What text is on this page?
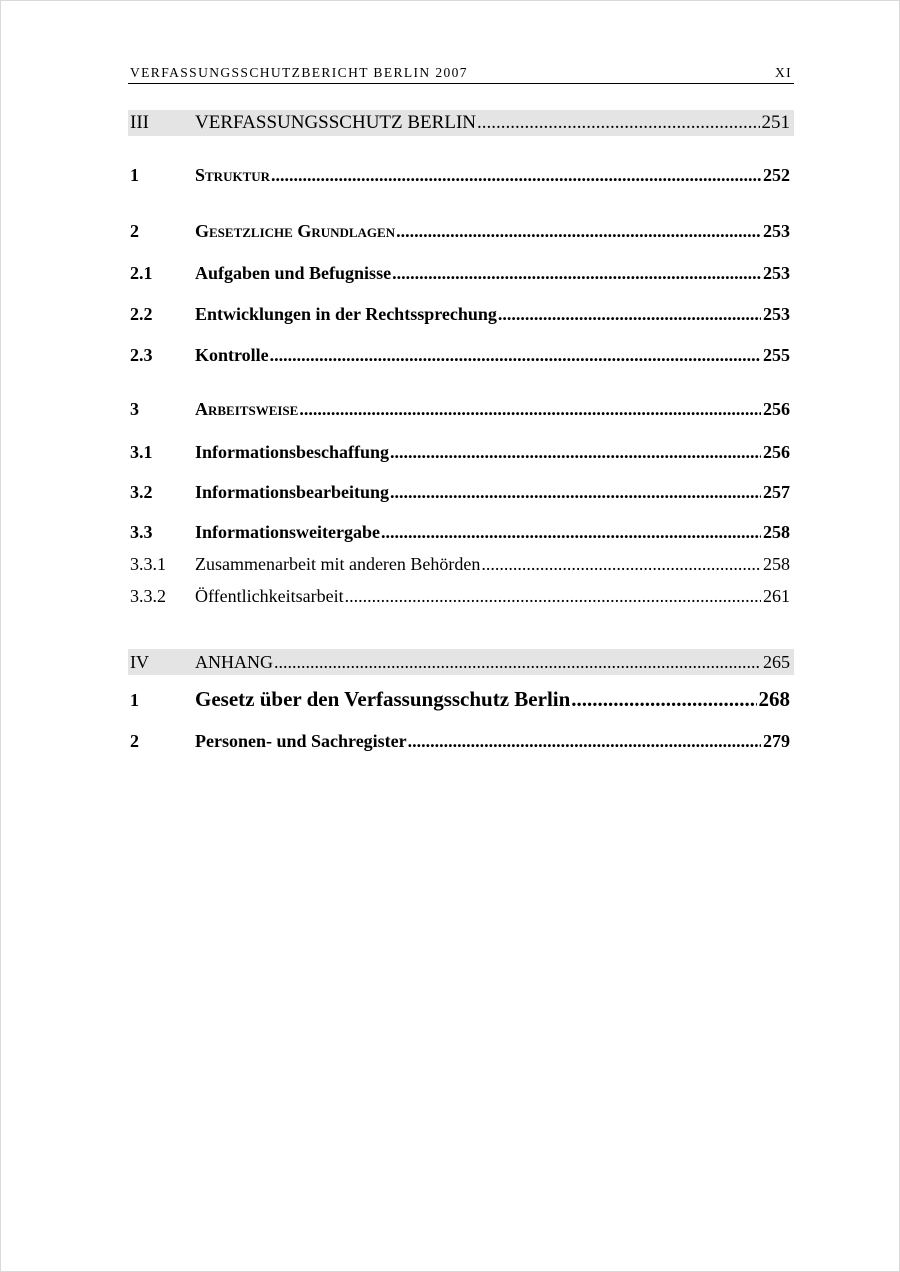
VERFASSUNGSSCHUTZBERICHT BERLIN 2007	XI
III	VERFASSUNGSSCHUTZ BERLIN .....	251
1	Struktur .....	252
2	Gesetzliche Grundlagen .....	253
2.1	Aufgaben und Befugnisse .....	253
2.2	Entwicklungen in der Rechtssprechung .....	253
2.3	Kontrolle .....	255
3	Arbeitsweise .....	256
3.1	Informationsbeschaffung .....	256
3.2	Informationsbearbeitung .....	257
3.3	Informationsweitergabe .....	258
3.3.1	Zusammenarbeit mit anderen Behörden .....	258
3.3.2	Öffentlichkeitsarbeit .....	261
IV	ANHANG .....	265
1	Gesetz über den Verfassungsschutz Berlin .....	268
2	Personen- und Sachregister .....	279
